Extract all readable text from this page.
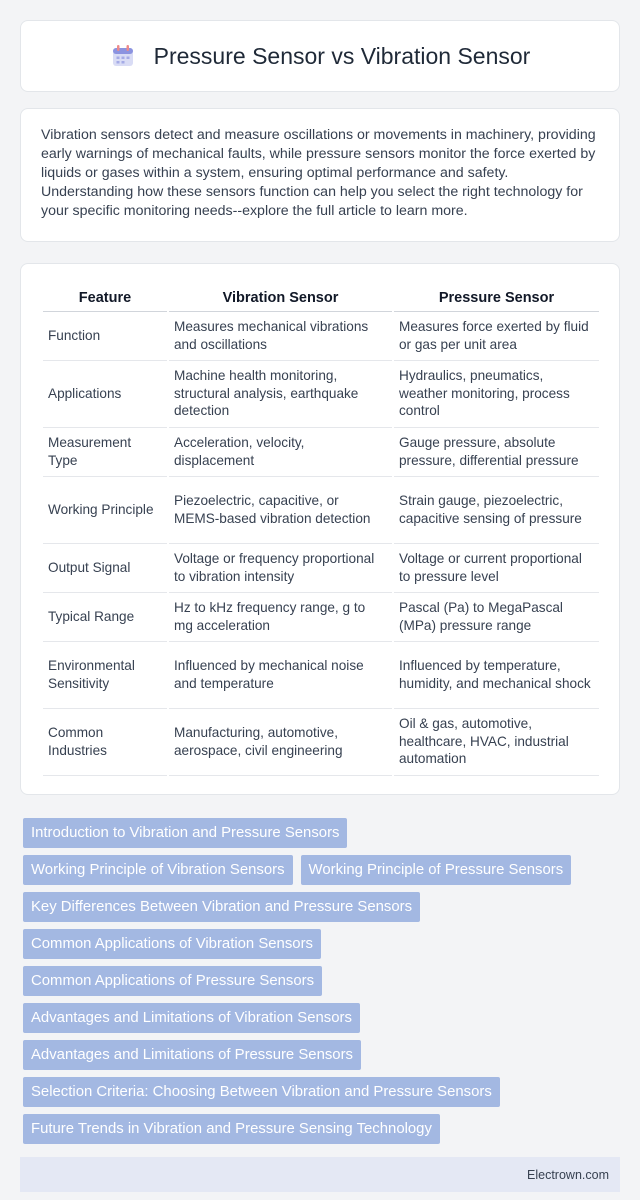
Pressure Sensor vs Vibration Sensor

Vibration sensors detect and measure oscillations or movements in machinery, providing early warnings of mechanical faults, while pressure sensors monitor the force exerted by liquids or gases within a system, ensuring optimal performance and safety. Understanding how these sensors function can help you select the right technology for your specific monitoring needs--explore the full article to learn more.

Feature	Vibration Sensor	Pressure Sensor
Function	Measures mechanical vibrations and oscillations	Measures force exerted by fluid or gas per unit area
Applications	Machine health monitoring, structural analysis, earthquake detection	Hydraulics, pneumatics, weather monitoring, process control
Measurement Type	Acceleration, velocity, displacement	Gauge pressure, absolute pressure, differential pressure
Working Principle	Piezoelectric, capacitive, or MEMS-based vibration detection	Strain gauge, piezoelectric, capacitive sensing of pressure
Output Signal	Voltage or frequency proportional to vibration intensity	Voltage or current proportional to pressure level
Typical Range	Hz to kHz frequency range, g to mg acceleration	Pascal (Pa) to MegaPascal (MPa) pressure range
Environmental Sensitivity	Influenced by mechanical noise and temperature	Influenced by temperature, humidity, and mechanical shock
Common Industries	Manufacturing, automotive, aerospace, civil engineering	Oil & gas, automotive, healthcare, HVAC, industrial automation
Introduction to Vibration and Pressure Sensors
Working Principle of Vibration Sensors	Working Principle of Pressure Sensors
Key Differences Between Vibration and Pressure Sensors
Common Applications of Vibration Sensors
Common Applications of Pressure Sensors
Advantages and Limitations of Vibration Sensors
Advantages and Limitations of Pressure Sensors
Selection Criteria: Choosing Between Vibration and Pressure Sensors
Future Trends in Vibration and Pressure Sensing Technology
Electrown.com
